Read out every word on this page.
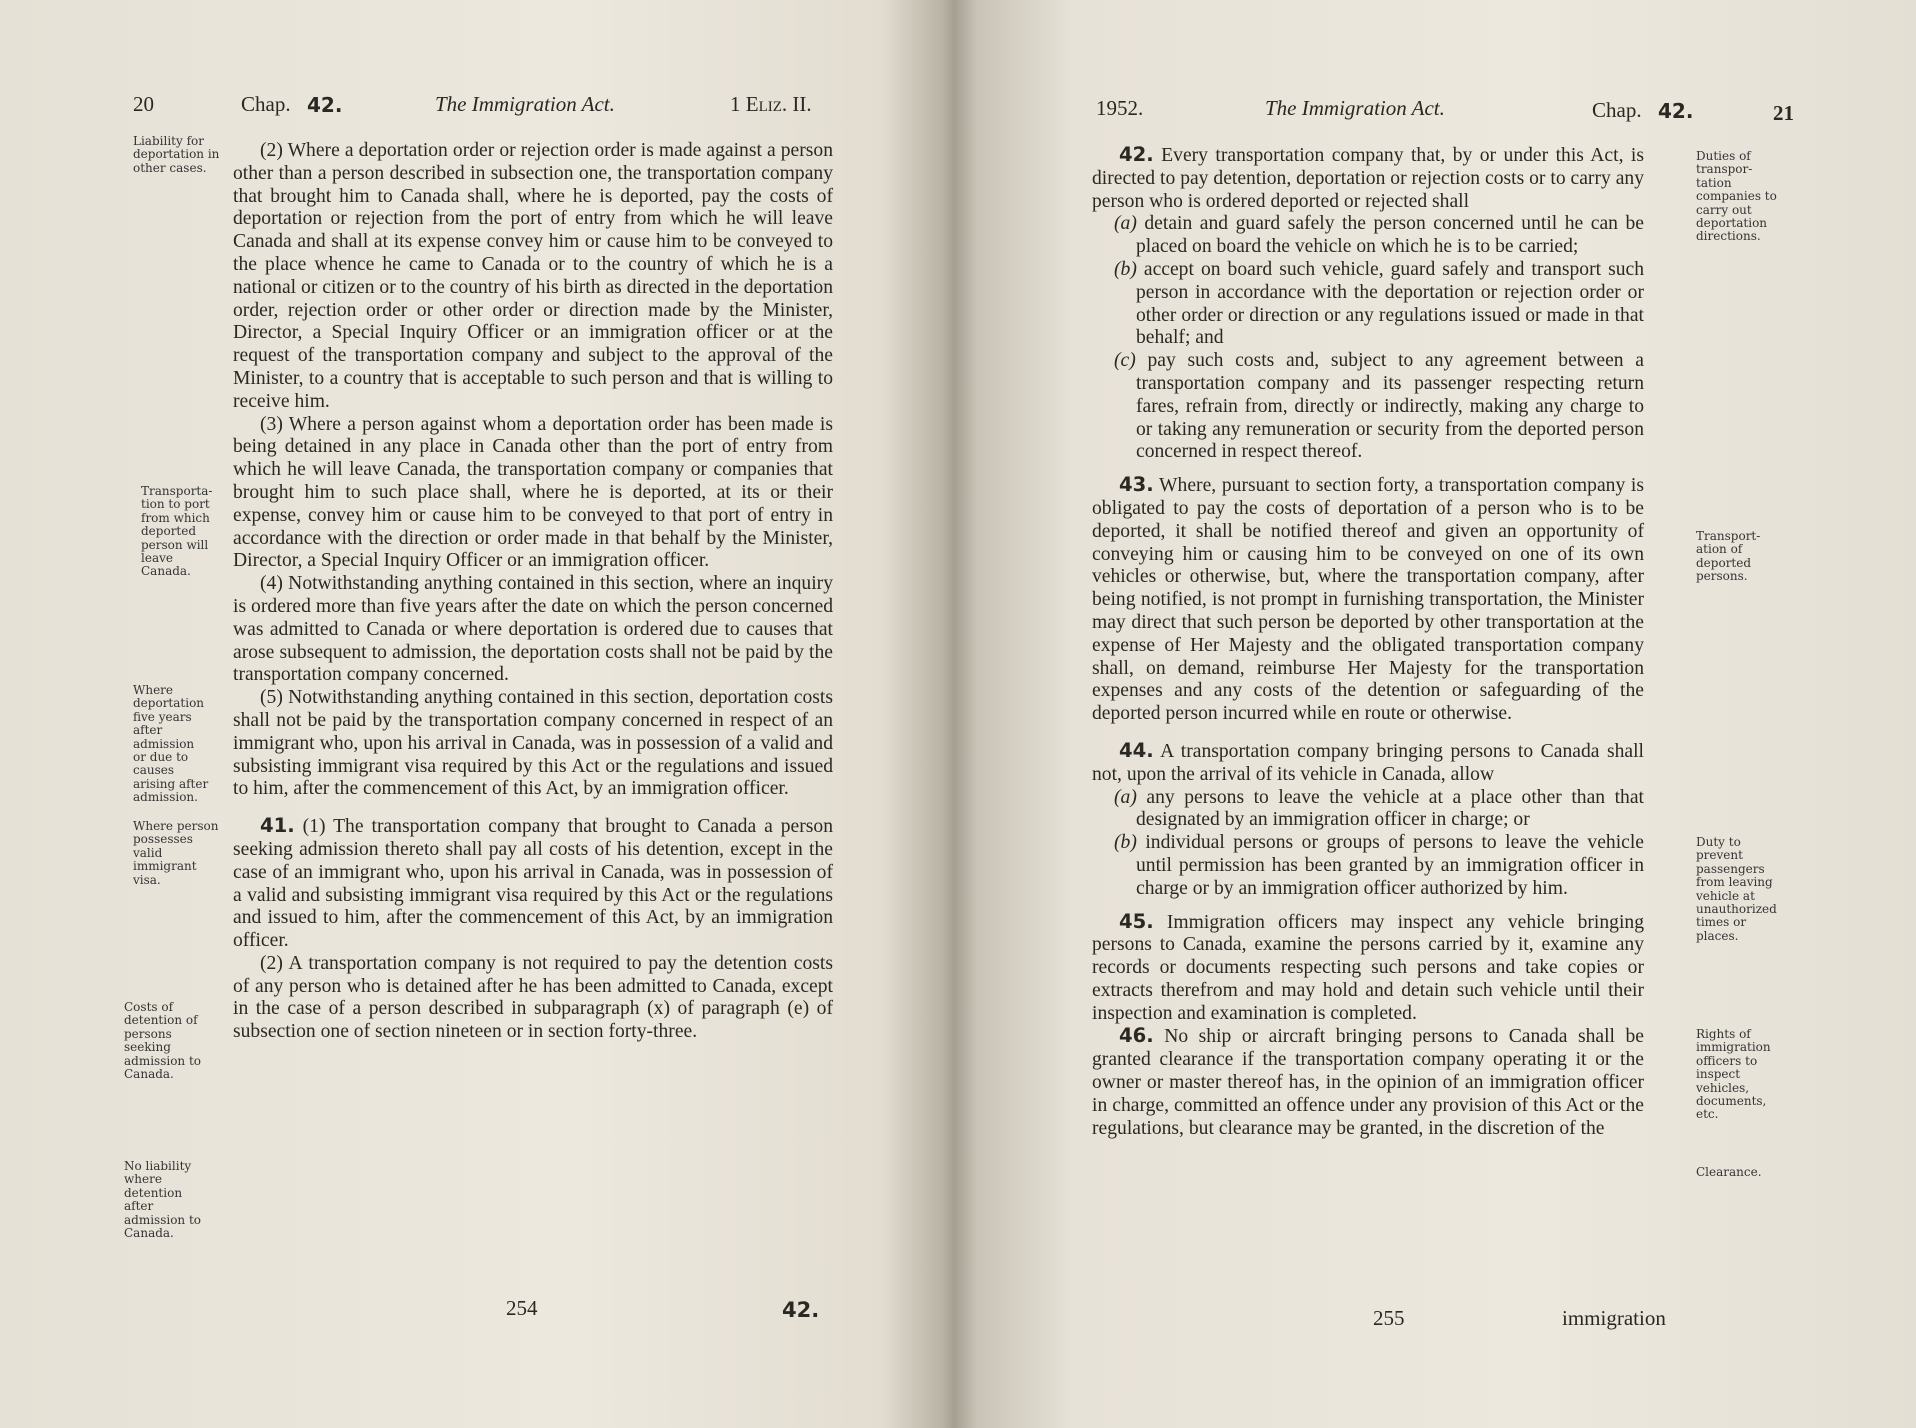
20	Chap. 42.	The Immigration Act.	1 Eliz. II.
Liability for deportation in other cases.
Transporta-tion to port from which deported person will leave Canada.
Where deportation five years after admission or due to causes arising after admission.
Where person possesses valid immigrant visa.
Costs of detention of persons seeking admission to Canada.
No liability where detention after admission to Canada.

(2) Where a deportation order or rejection order is made against a person other than a person described in subsection one, the transportation company that brought him to Canada shall, where he is deported, pay the costs of deportation or rejection from the port of entry from which he will leave Canada and shall at its expense convey him or cause him to be conveyed to the place whence he came to Canada or to the country of which he is a national or citizen or to the country of his birth as directed in the deportation order, rejection order or other order or direction made by the Minister, Director, a Special Inquiry Officer or an immigration officer or at the request of the transportation company and subject to the approval of the Minister, to a country that is acceptable to such person and that is willing to receive him.

(3) Where a person against whom a deportation order has been made is being detained in any place in Canada other than the port of entry from which he will leave Canada, the transportation company or companies that brought him to such place shall, where he is deported, at its or their expense, convey him or cause him to be conveyed to that port of entry in accordance with the direction or order made in that behalf by the Minister, Director, a Special Inquiry Officer or an immigration officer.

(4) Notwithstanding anything contained in this section, where an inquiry is ordered more than five years after the date on which the person concerned was admitted to Canada or where deportation is ordered due to causes that arose subsequent to admission, the deportation costs shall not be paid by the transportation company concerned.

(5) Notwithstanding anything contained in this section, deportation costs shall not be paid by the transportation company concerned in respect of an immigrant who, upon his arrival in Canada, was in possession of a valid and subsisting immigrant visa required by this Act or the regulations and issued to him, after the commencement of this Act, by an immigration officer.

41. (1) The transportation company that brought to Canada a person seeking admission thereto shall pay all costs of his detention, except in the case of an immigrant who, upon his arrival in Canada, was in possession of a valid and subsisting immigrant visa required by this Act or the regulations and issued to him, after the commencement of this Act, by an immigration officer.

(2) A transportation company is not required to pay the detention costs of any person who is detained after he has been admitted to Canada, except in the case of a person described in subparagraph (x) of paragraph (e) of subsection one of section nineteen or in section forty-three.

254	42.
1952.	The Immigration Act.	Chap. 42.	21

42. Every transportation company that, by or under this Act, is directed to pay detention, deportation or rejection costs or to carry any person who is ordered deported or rejected shall

(a) detain and guard safely the person concerned until he can be placed on board the vehicle on which he is to be carried;

(b) accept on board such vehicle, guard safely and transport such person in accordance with the deportation or rejection order or other order or direction or any regulations issued or made in that behalf; and

(c) pay such costs and, subject to any agreement between a transportation company and its passenger respecting return fares, refrain from, directly or indirectly, making any charge to or taking any remuneration or security from the deported person concerned in respect thereof.

43. Where, pursuant to section forty, a transportation company is obligated to pay the costs of deportation of a person who is to be deported, it shall be notified thereof and given an opportunity of conveying him or causing him to be conveyed on one of its own vehicles or otherwise, but, where the transportation company, after being notified, is not prompt in furnishing transportation, the Minister may direct that such person be deported by other transportation at the expense of Her Majesty and the obligated transportation company shall, on demand, reimburse Her Majesty for the transportation expenses and any costs of the detention or safeguarding of the deported person incurred while en route or otherwise.

44. A transportation company bringing persons to Canada shall not, upon the arrival of its vehicle in Canada, allow

(a) any persons to leave the vehicle at a place other than that designated by an immigration officer in charge; or

(b) individual persons or groups of persons to leave the vehicle until permission has been granted by an immigration officer in charge or by an immigration officer authorized by him.

45. Immigration officers may inspect any vehicle bringing persons to Canada, examine the persons carried by it, examine any records or documents respecting such persons and take copies or extracts therefrom and may hold and detain such vehicle until their inspection and examination is completed.

46. No ship or aircraft bringing persons to Canada shall be granted clearance if the transportation company operating it or the owner or master thereof has, in the opinion of an immigration officer in charge, committed an offence under any provision of this Act or the regulations, but clearance may be granted, in the discretion of the

Duties of transpor-tation companies to carry out deportation directions.
Transport-ation of deported persons.
Duty to prevent passengers from leaving vehicle at unauthorized times or places.
Rights of immigration officers to inspect vehicles, documents, etc.
Clearance.
255	immigration
